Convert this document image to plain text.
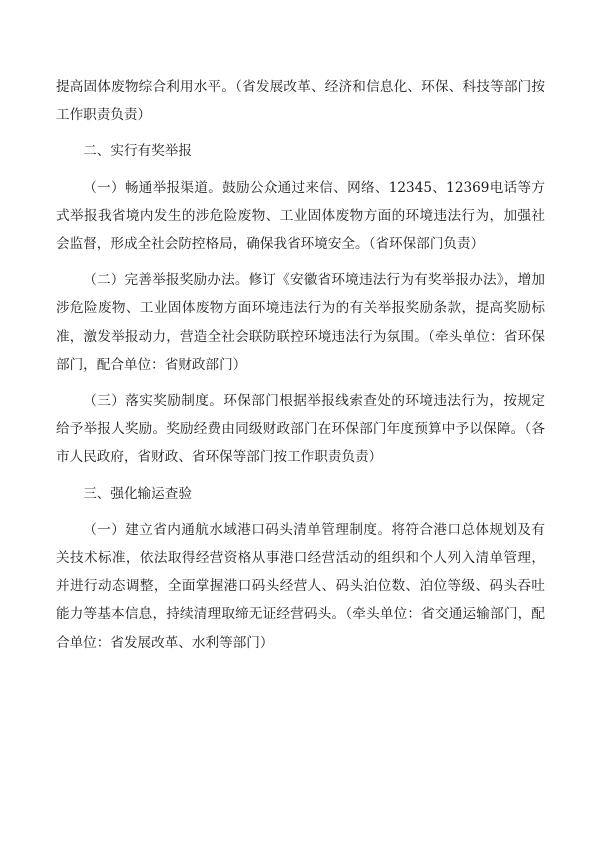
提高固体废物综合利用水平。（省发展改革、经济和信息化、环保、科技等部门按工作职责负责）

二、实行有奖举报

（一）畅通举报渠道。鼓励公众通过来信、网络、12345、12369电话等方式举报我省境内发生的涉危险废物、工业固体废物方面的环境违法行为，加强社会监督，形成全社会防控格局，确保我省环境安全。（省环保部门负责）

（二）完善举报奖励办法。修订《安徽省环境违法行为有奖举报办法》，增加涉危险废物、工业固体废物方面环境违法行为的有关举报奖励条款，提高奖励标准，激发举报动力，营造全社会联防联控环境违法行为氛围。（牵头单位：省环保部门，配合单位：省财政部门）

（三）落实奖励制度。环保部门根据举报线索查处的环境违法行为，按规定给予举报人奖励。奖励经费由同级财政部门在环保部门年度预算中予以保障。（各市人民政府，省财政、省环保等部门按工作职责负责）

三、强化输运查验

（一）建立省内通航水域港口码头清单管理制度。将符合港口总体规划及有关技术标准，依法取得经营资格从事港口经营活动的组织和个人列入清单管理，并进行动态调整，全面掌握港口码头经营人、码头泊位数、泊位等级、码头吞吐能力等基本信息，持续清理取缔无证经营码头。（牵头单位：省交通运输部门，配合单位：省发展改革、水利等部门）
